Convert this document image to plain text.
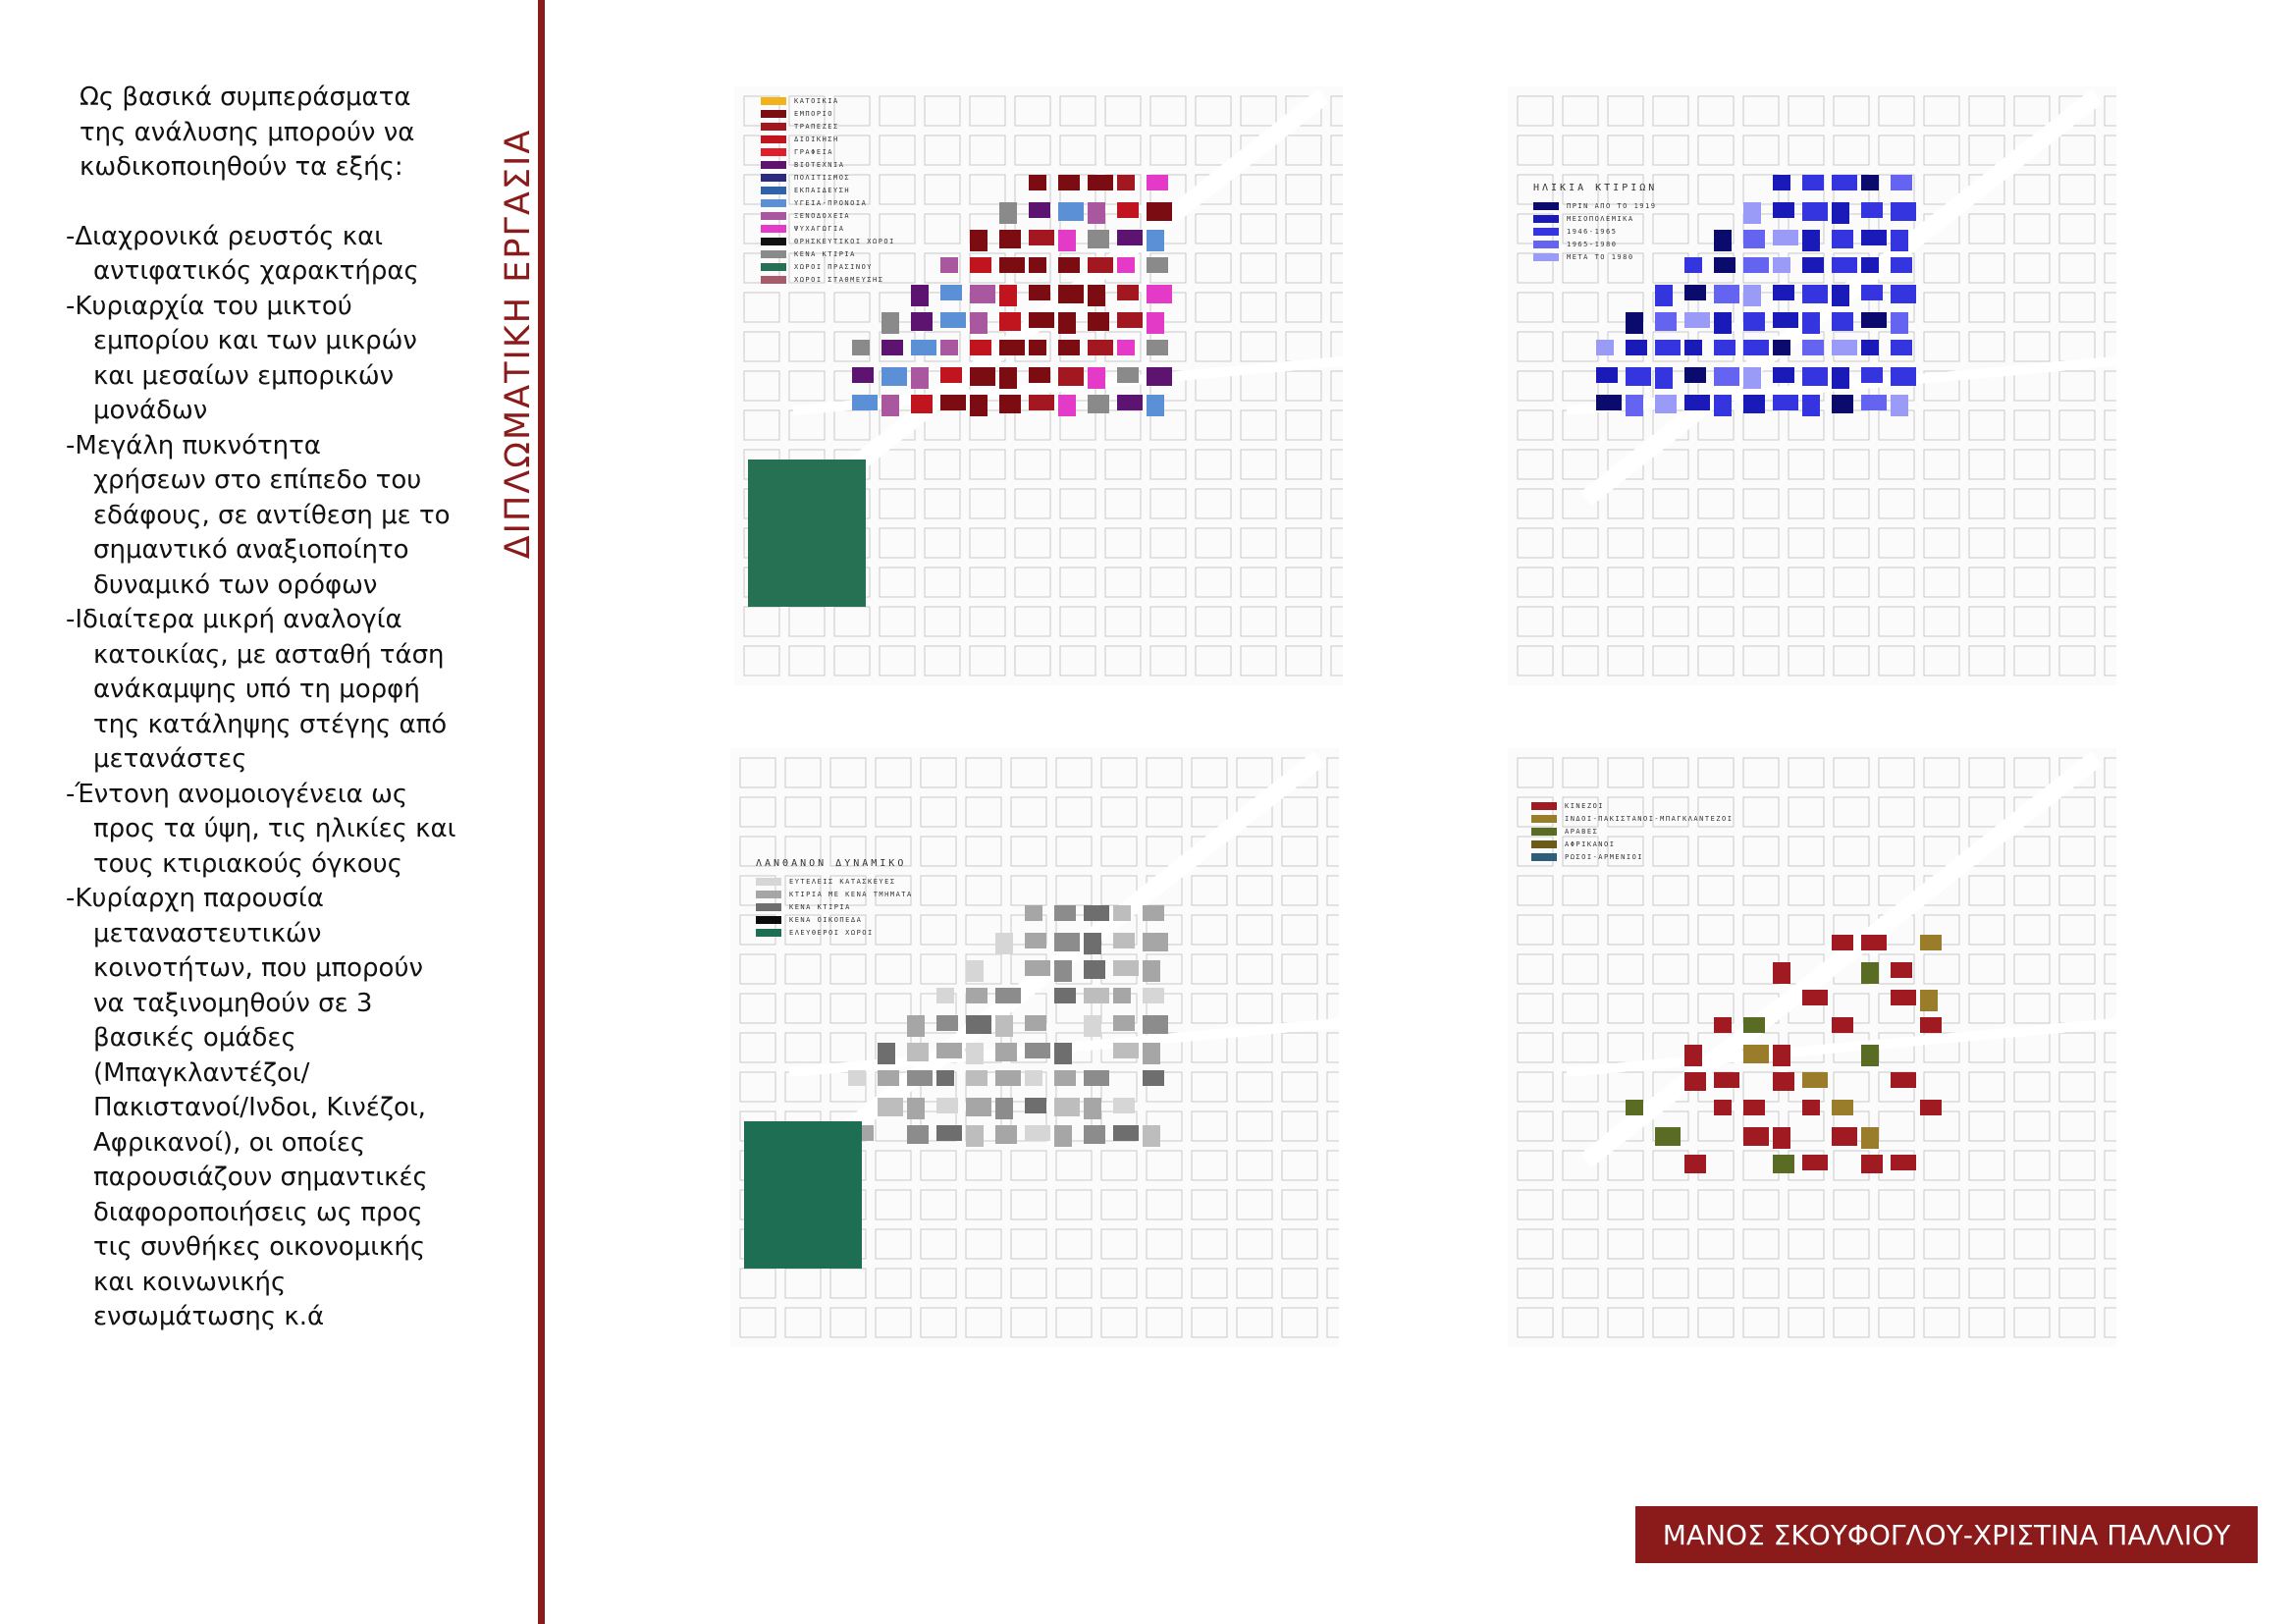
Ως βασικά συμπεράσματα

της ανάλυσης μπορούν να

κωδικοποιηθούν τα εξής:

-Διαχρονικά ρευστός και

αντιφατικός χαρακτήρας

-Κυριαρχία του μικτού

εμπορίου και των μικρών

και μεσαίων εμπορικών

μονάδων

-Μεγάλη πυκνότητα

χρήσεων στο επίπεδο του

εδάφους, σε αντίθεση με το

σημαντικό αναξιοποίητο

δυναμικό των ορόφων

-Ιδιαίτερα μικρή αναλογία

κατοικίας, με ασταθή τάση

ανάκαμψης υπό τη μορφή

της κατάληψης στέγης από

μετανάστες

-Έντονη ανομοιογένεια ως

προς τα ύψη, τις ηλικίες και

τους κτιριακούς όγκους

-Κυρίαρχη παρουσία

μεταναστευτικών

κοινοτήτων, που μπορούν

να ταξινομηθούν σε 3

βασικές ομάδες

(Μπαγκλαντέζοι/

Πακιστανοί/Ινδοι, Κινέζοι,

Αφρικανοί), οι οποίες

παρουσιάζουν σημαντικές

διαφοροποιήσεις ως προς

τις συνθήκες οικονομικής

και κοινωνικής

ενσωμάτωσης κ.ά

ΔΙΠΛΩΜΑΤΙΚΗ ΕΡΓΑΣΙΑ
ΚΑΤΟΙΚΙΑ
ΕΜΠΟΡΙΟ
ΤΡΑΠΕΖΕΣ
ΔΙΟΙΚΗΣΗ
ΓΡΑΦΕΙΑ
ΒΙΟΤΕΧΝΙΑ
ΠΟΛΙΤΙΣΜΟΣ
ΕΚΠΑΙΔΕΥΣΗ
ΥΓΕΙΑ-ΠΡΟΝΟΙΑ
ΞΕΝΟΔΟΧΕΙΑ
ΨΥΧΑΓΩΓΙΑ
ΘΡΗΣΚΕΥΤΙΚΟΙ ΧΩΡΟΙ
ΚΕΝΑ ΚΤΙΡΙΑ
ΧΩΡΟΙ ΠΡΑΣΙΝΟΥ
ΧΩΡΟΙ ΣΤΑΘΜΕΥΣΗΣ
ΗΛΙΚΙΑ ΚΤΙΡΙΩΝ
ΠΡΙΝ ΑΠΟ ΤΟ 1919
ΜΕΣΟΠΟΛΕΜΙΚΑ
1946-1965
1965-1980
ΜΕΤΑ ΤΟ 1980
ΛΑΝΘΑΝΟΝ ΔΥΝΑΜΙΚΟ
ΕΥΤΕΛΕΙΣ ΚΑΤΑΣΚΕΥΕΣ
ΚΤΙΡΙΑ ΜΕ ΚΕΝΑ ΤΜΗΜΑΤΑ
ΚΕΝΑ ΚΤΙΡΙΑ
ΚΕΝΑ ΟΙΚΟΠΕΔΑ
ΕΛΕΥΘΕΡΟΙ ΧΩΡΟΙ
ΚΙΝΕΖΟΙ
ΙΝΔΟΙ-ΠΑΚΙΣΤΑΝΟΙ-ΜΠΑΓΚΛΑΝΤΕΖΟΙ
ΑΡΑΒΕΣ
ΑΦΡΙΚΑΝΟΙ
ΡΩΣΟΙ-ΑΡΜΕΝΙΟΙ
ΜΑΝΟΣ ΣΚΟΥΦΟΓΛΟΥ-ΧΡΙΣΤΙΝΑ ΠΑΛΛΙΟΥ
